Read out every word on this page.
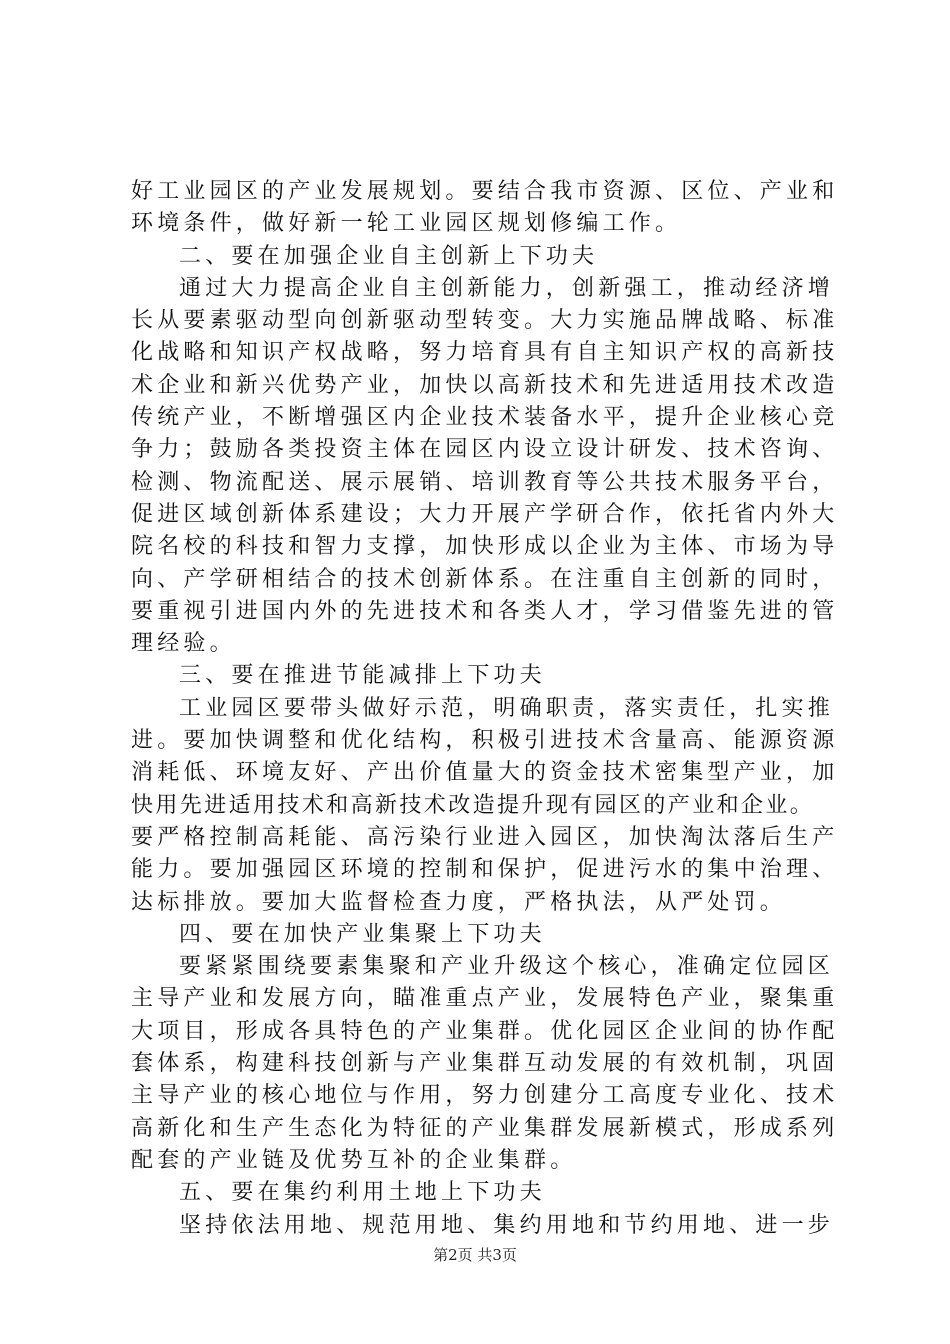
好工业园区的产业发展规划。要结合我市资源、区位、产业和
环境条件，做好新一轮工业园区规划修编工作。
二、要在加强企业自主创新上下功夫
通过大力提高企业自主创新能力，创新强工，推动经济增
长从要素驱动型向创新驱动型转变。大力实施品牌战略、标准
化战略和知识产权战略，努力培育具有自主知识产权的高新技
术企业和新兴优势产业，加快以高新技术和先进适用技术改造
传统产业，不断增强区内企业技术装备水平，提升企业核心竞
争力；鼓励各类投资主体在园区内设立设计研发、技术咨询、
检测、物流配送、展示展销、培训教育等公共技术服务平台，
促进区域创新体系建设；大力开展产学研合作，依托省内外大
院名校的科技和智力支撑，加快形成以企业为主体、市场为导
向、产学研相结合的技术创新体系。在注重自主创新的同时，
要重视引进国内外的先进技术和各类人才，学习借鉴先进的管
理经验。
三、要在推进节能减排上下功夫
工业园区要带头做好示范，明确职责，落实责任，扎实推
进。要加快调整和优化结构，积极引进技术含量高、能源资源
消耗低、环境友好、产出价值量大的资金技术密集型产业，加
快用先进适用技术和高新技术改造提升现有园区的产业和企业。
要严格控制高耗能、高污染行业进入园区，加快淘汰落后生产
能力。要加强园区环境的控制和保护，促进污水的集中治理、
达标排放。要加大监督检查力度，严格执法，从严处罚。
四、要在加快产业集聚上下功夫
要紧紧围绕要素集聚和产业升级这个核心，准确定位园区
主导产业和发展方向，瞄准重点产业，发展特色产业，聚集重
大项目，形成各具特色的产业集群。优化园区企业间的协作配
套体系，构建科技创新与产业集群互动发展的有效机制，巩固
主导产业的核心地位与作用，努力创建分工高度专业化、技术
高新化和生产生态化为特征的产业集群发展新模式，形成系列
配套的产业链及优势互补的企业集群。
五、要在集约利用土地上下功夫
坚持依法用地、规范用地、集约用地和节约用地、进一步
第2页 共3页
